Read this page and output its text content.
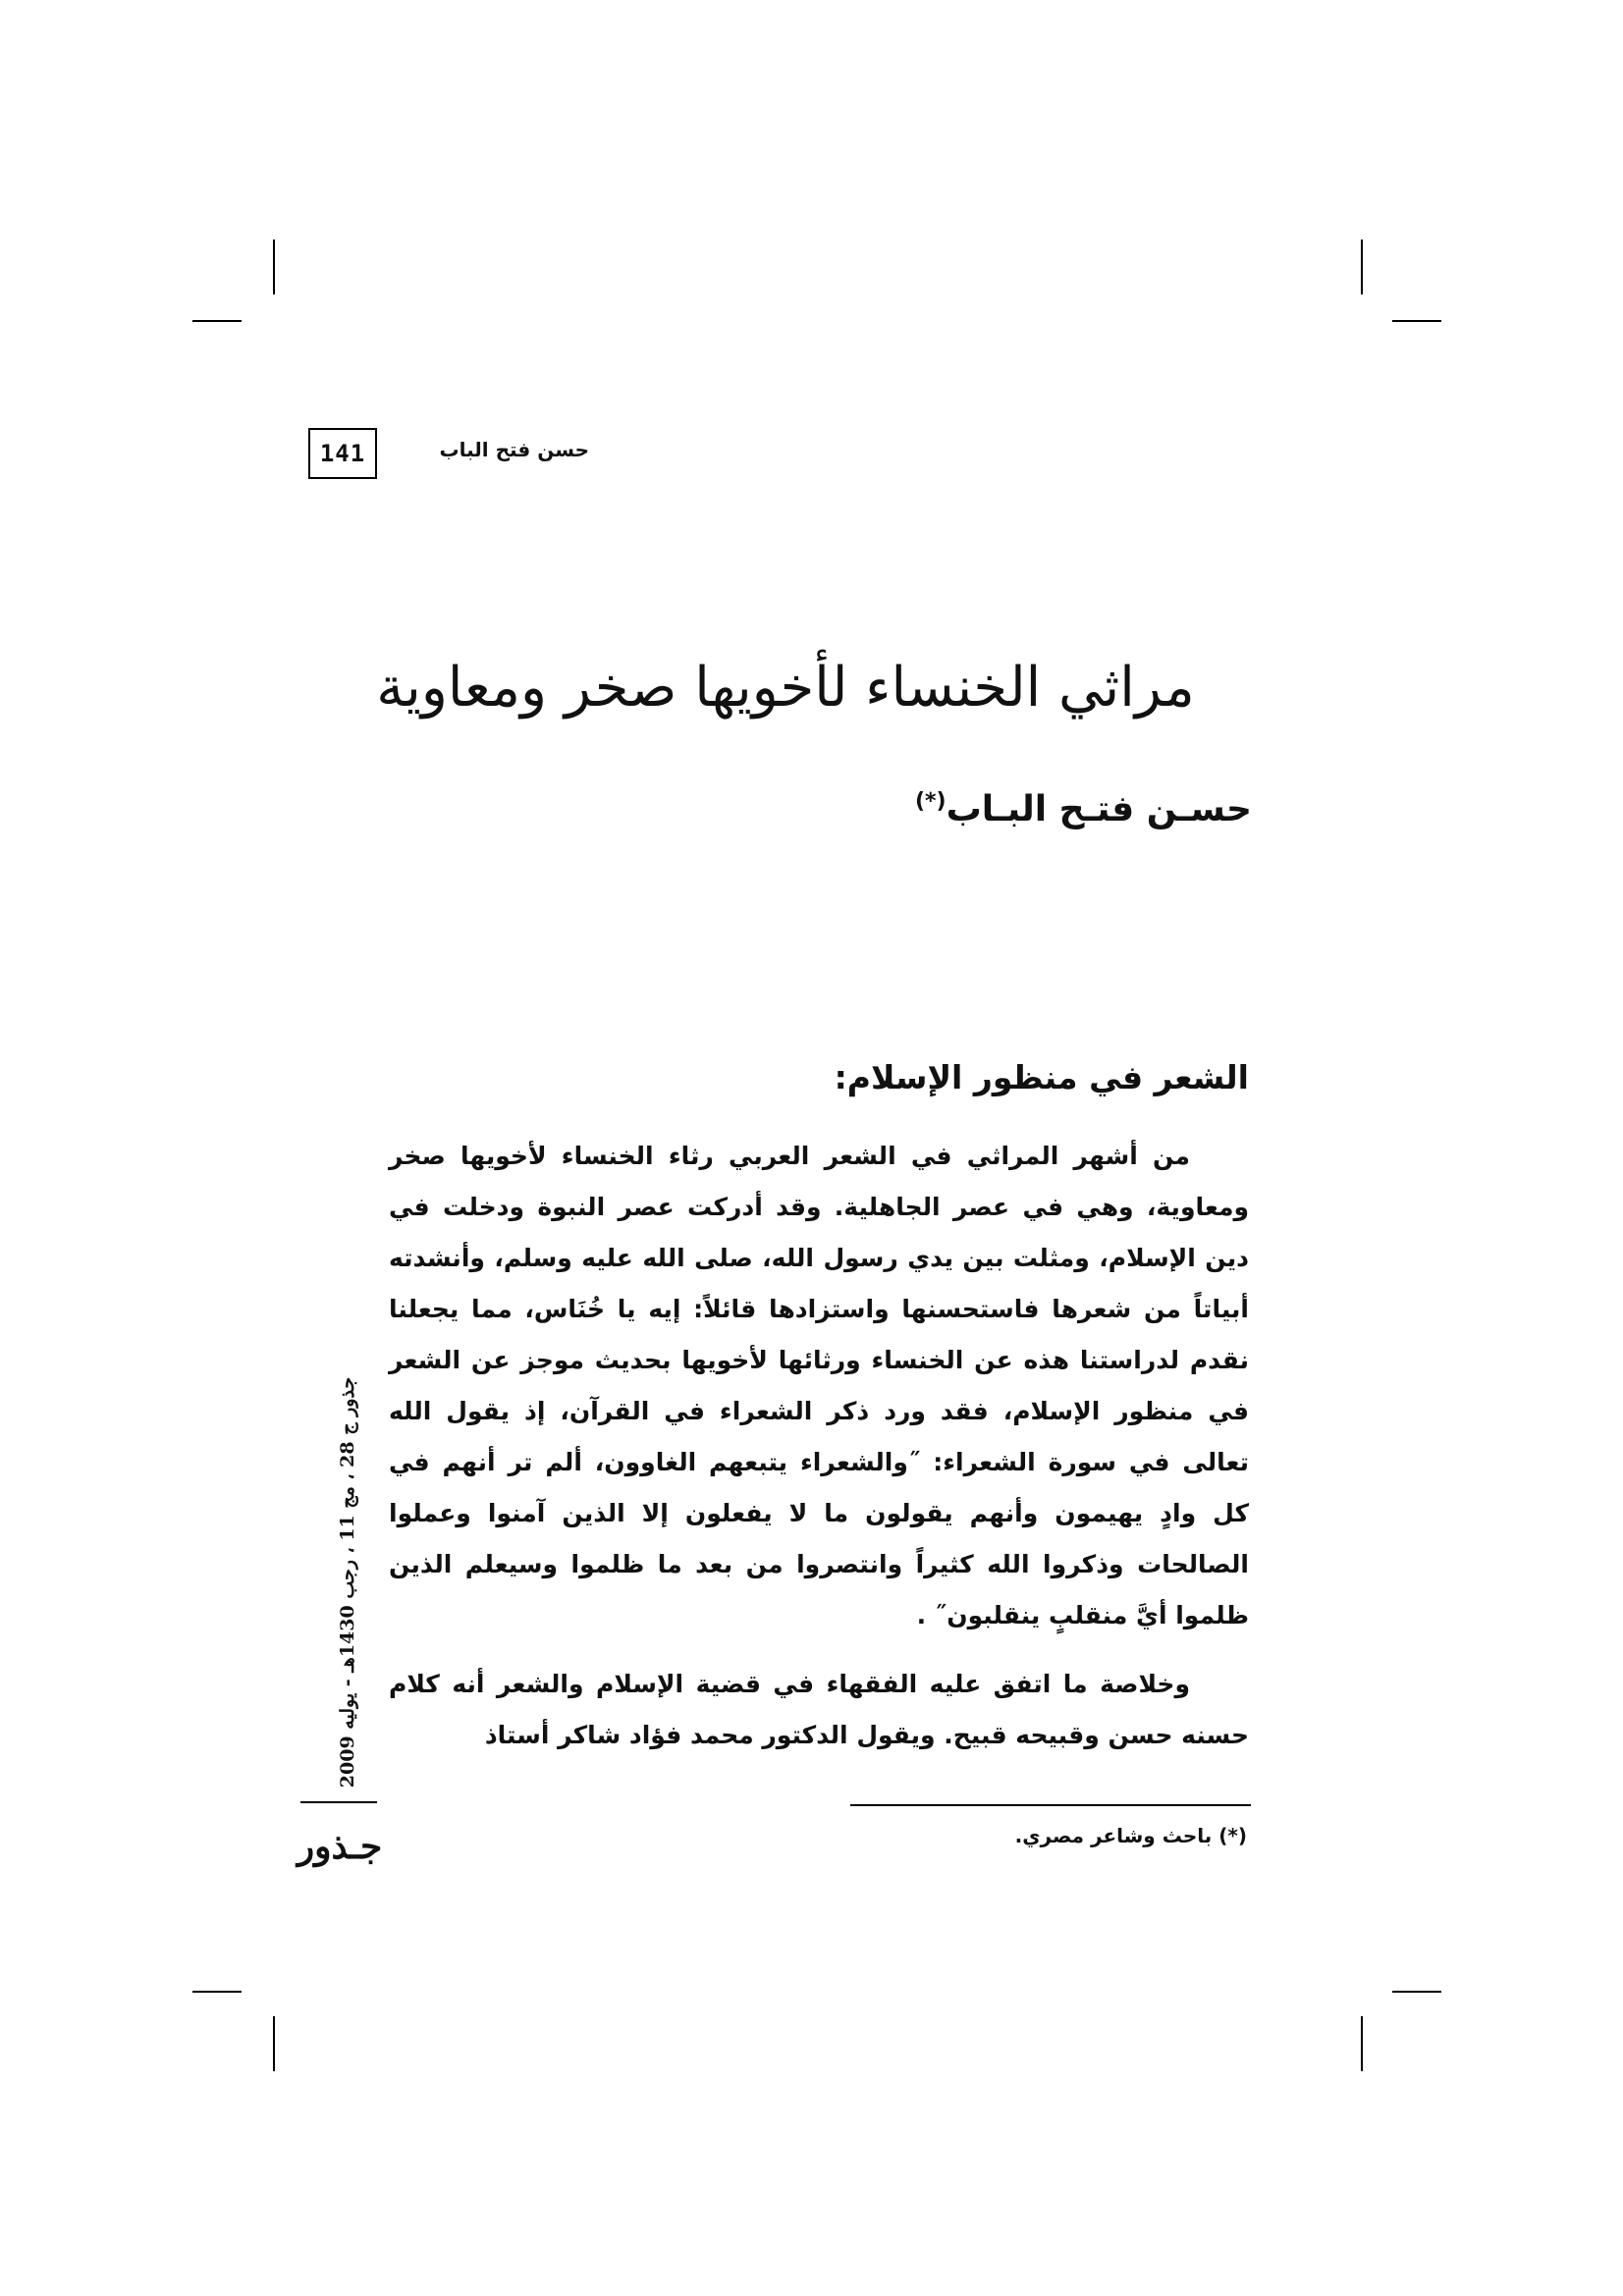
141	حسن فتح الباب
مراثي الخنساء لأخويها صخر ومعاوية

حسـن فتـح البـاب(*)

الشعر في منظور الإسلام:

من أشهر المراثي في الشعر العربي رثاء الخنساء لأخويها صخر ومعاوية، وهي في عصر الجاهلية. وقد أدركت عصر النبوة ودخلت في دين الإسلام، ومثلت بين يدي رسول الله، صلى الله عليه وسلم، وأنشدته أبياتاً من شعرها فاستحسنها واستزادها قائلاً: إيه يا خُنَاس، مما يجعلنا نقدم لدراستنا هذه عن الخنساء ورثائها لأخويها بحديث موجز عن الشعر في منظور الإسلام، فقد ورد ذكر الشعراء في القرآن، إذ يقول الله تعالى في سورة الشعراء: ˝والشعراء يتبعهم الغاوون، ألم تر أنهم في كل وادٍ يهيمون وأنهم يقولون ما لا يفعلون إلا الذين آمنوا وعملوا الصالحات وذكروا الله كثيراً وانتصروا من بعد ما ظلموا وسيعلم الذين ظلموا أيَّ منقلبٍ ينقلبون˝ .

وخلاصة ما اتفق عليه الفقهاء في قضية الإسلام والشعر أنه كلام حسنه حسن وقبيحه قبيح. ويقول الدكتور محمد فؤاد شاكر أستاذ

(*) باحث وشاعر مصري.
جذور ج 28 ، مج 11 ، رجب 1430هـ - يوليه 2009
جـذور
